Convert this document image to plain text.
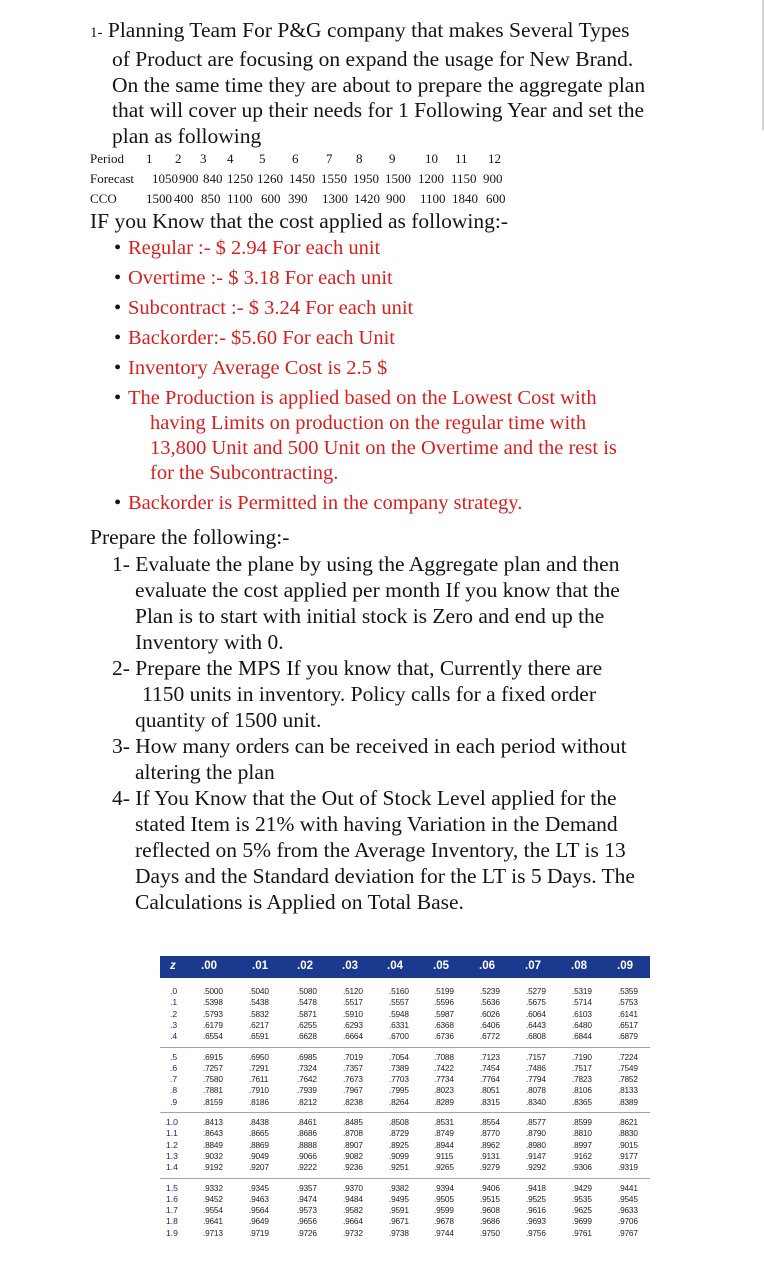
1- Planning Team For P&G company that makes Several Types
of Product are focusing on expand the usage for New Brand.
On the same time they are about to prepare the aggregate plan
that will cover up their needs for 1 Following Year and set the
plan as following
Period 1 2 3 4 5 6 7 8 9 10 11 12
Forecast 1050 900 840 1250 1260 1450 1550 1950 1500 1200 1150 900
CCO 1500 400 850 1100 600 390 1300 1420 900 1100 1840 600
IF you Know that the cost applied as following:-
• Regular :- $ 2.94 For each unit
• Overtime :- $ 3.18 For each unit
• Subcontract :- $ 3.24 For each unit
• Backorder:- $5.60 For each Unit
• Inventory Average Cost is 2.5 $
• The Production is applied based on the Lowest Cost with
having Limits on production on the regular time with
13,800 Unit and 500 Unit on the Overtime and the rest is
for the Subcontracting.
• Backorder is Permitted in the company strategy.
Prepare the following:-
1- Evaluate the plane by using the Aggregate plan and then
evaluate the cost applied per month If you know that the
Plan is to start with initial stock is Zero and end up the
Inventory with 0.
2- Prepare the MPS If you know that, Currently there are
1150 units in inventory. Policy calls for a fixed order
quantity of 1500 unit.
3- How many orders can be received in each period without
altering the plan
4- If You Know that the Out of Stock Level applied for the
stated Item is 21% with having Variation in the Demand
reflected on 5% from the Average Inventory, the LT is 13
Days and the Standard deviation for the LT is 5 Days. The
Calculations is Applied on Total Base.
z .00	.01	.02	.03	.04	.05	.06	.07	.08	.09
.0	.5000	.5040	.5080	.5120	.5160	.5199	.5239	.5279	.5319	.5359
.1	.5398	.5438	.5478	.5517	.5557	.5596	.5636	.5675	.5714	.5753
.2	.5793	.5832	.5871	.5910	.5948	.5987	.6026	.6064	.6103	.6141
.3	.6179	.6217	.6255	.6293	.6331	.6368	.6406	.6443	.6480	.6517
.4	.6554	.6591	.6628	.6664	.6700	.6736	.6772	.6808	.6844	.6879
.5	.6915	.6950	.6985	.7019	.7054	.7088	.7123	.7157	.7190	.7224
.6	.7257	.7291	.7324	.7357	.7389	.7422	.7454	.7486	.7517	.7549
.7	.7580	.7611	.7642	.7673	.7703	.7734	.7764	.7794	.7823	.7852
.8	.7881	.7910	.7939	.7967	.7995	.8023	.8051	.8078	.8106	.8133
.9	.8159	.8186	.8212	.8238	.8264	.8289	.8315	.8340	.8365	.8389
1.0	.8413	.8438	.8461	.8485	.8508	.8531	.8554	.8577	.8599	.8621
1.1	.8643	.8665	.8686	.8708	.8729	.8749	.8770	.8790	.8810	.8830
1.2	.8849	.8869	.8888	.8907	.8925	.8944	.8962	.8980	.8997	.9015
1.3	.9032	.9049	.9066	.9082	.9099	.9115	.9131	.9147	.9162	.9177
1.4	.9192	.9207	.9222	.9236	.9251	.9265	.9279	.9292	.9306	.9319
1.5	.9332	.9345	.9357	.9370	.9382	.9394	.9406	.9418	.9429	.9441
1.6	.9452	.9463	.9474	.9484	.9495	.9505	.9515	.9525	.9535	.9545
1.7	.9554	.9564	.9573	.9582	.9591	.9599	.9608	.9616	.9625	.9633
1.8	.9641	.9649	.9656	.9664	.9671	.9678	.9686	.9693	.9699	.9706
1.9	.9713	.9719	.9726	.9732	.9738	.9744	.9750	.9756	.9761	.9767
